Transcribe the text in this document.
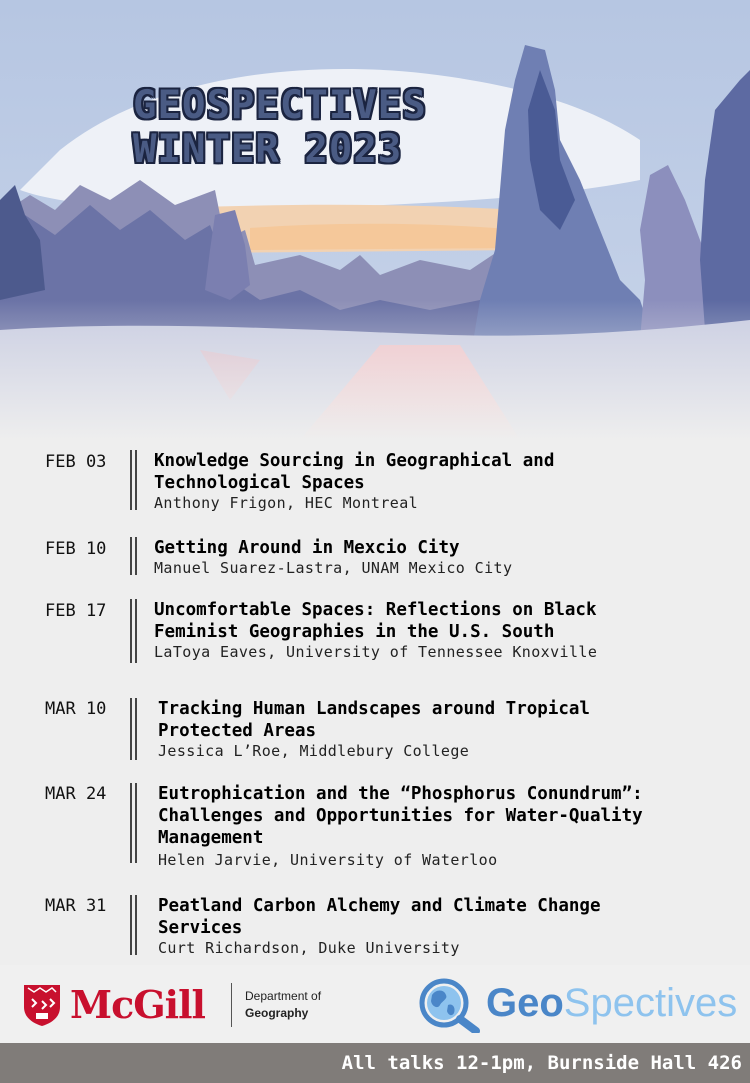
GEOSPECTIVES
WINTER 2023
FEB 03	Knowledge Sourcing in Geographical and
Technological Spaces
Anthony Frigon, HEC Montreal
FEB 10	Getting Around in Mexcio City
Manuel Suarez-Lastra, UNAM Mexico City
FEB 17	Uncomfortable Spaces: Reflections on Black
Feminist Geographies in the U.S. South
LaToya Eaves, University of Tennessee Knoxville
MAR 10	Tracking Human Landscapes around Tropical
Protected Areas
Jessica L’Roe, Middlebury College
MAR 24	Eutrophication and the “Phosphorus Conundrum”:
Challenges and Opportunities for Water-Quality
Management
Helen Jarvie, University of Waterloo
MAR 31	Peatland Carbon Alchemy and Climate Change
Services
Curt Richardson, Duke University
McGill	Department of
Geography	GeoSpectives
All talks 12-1pm, Burnside Hall 426
